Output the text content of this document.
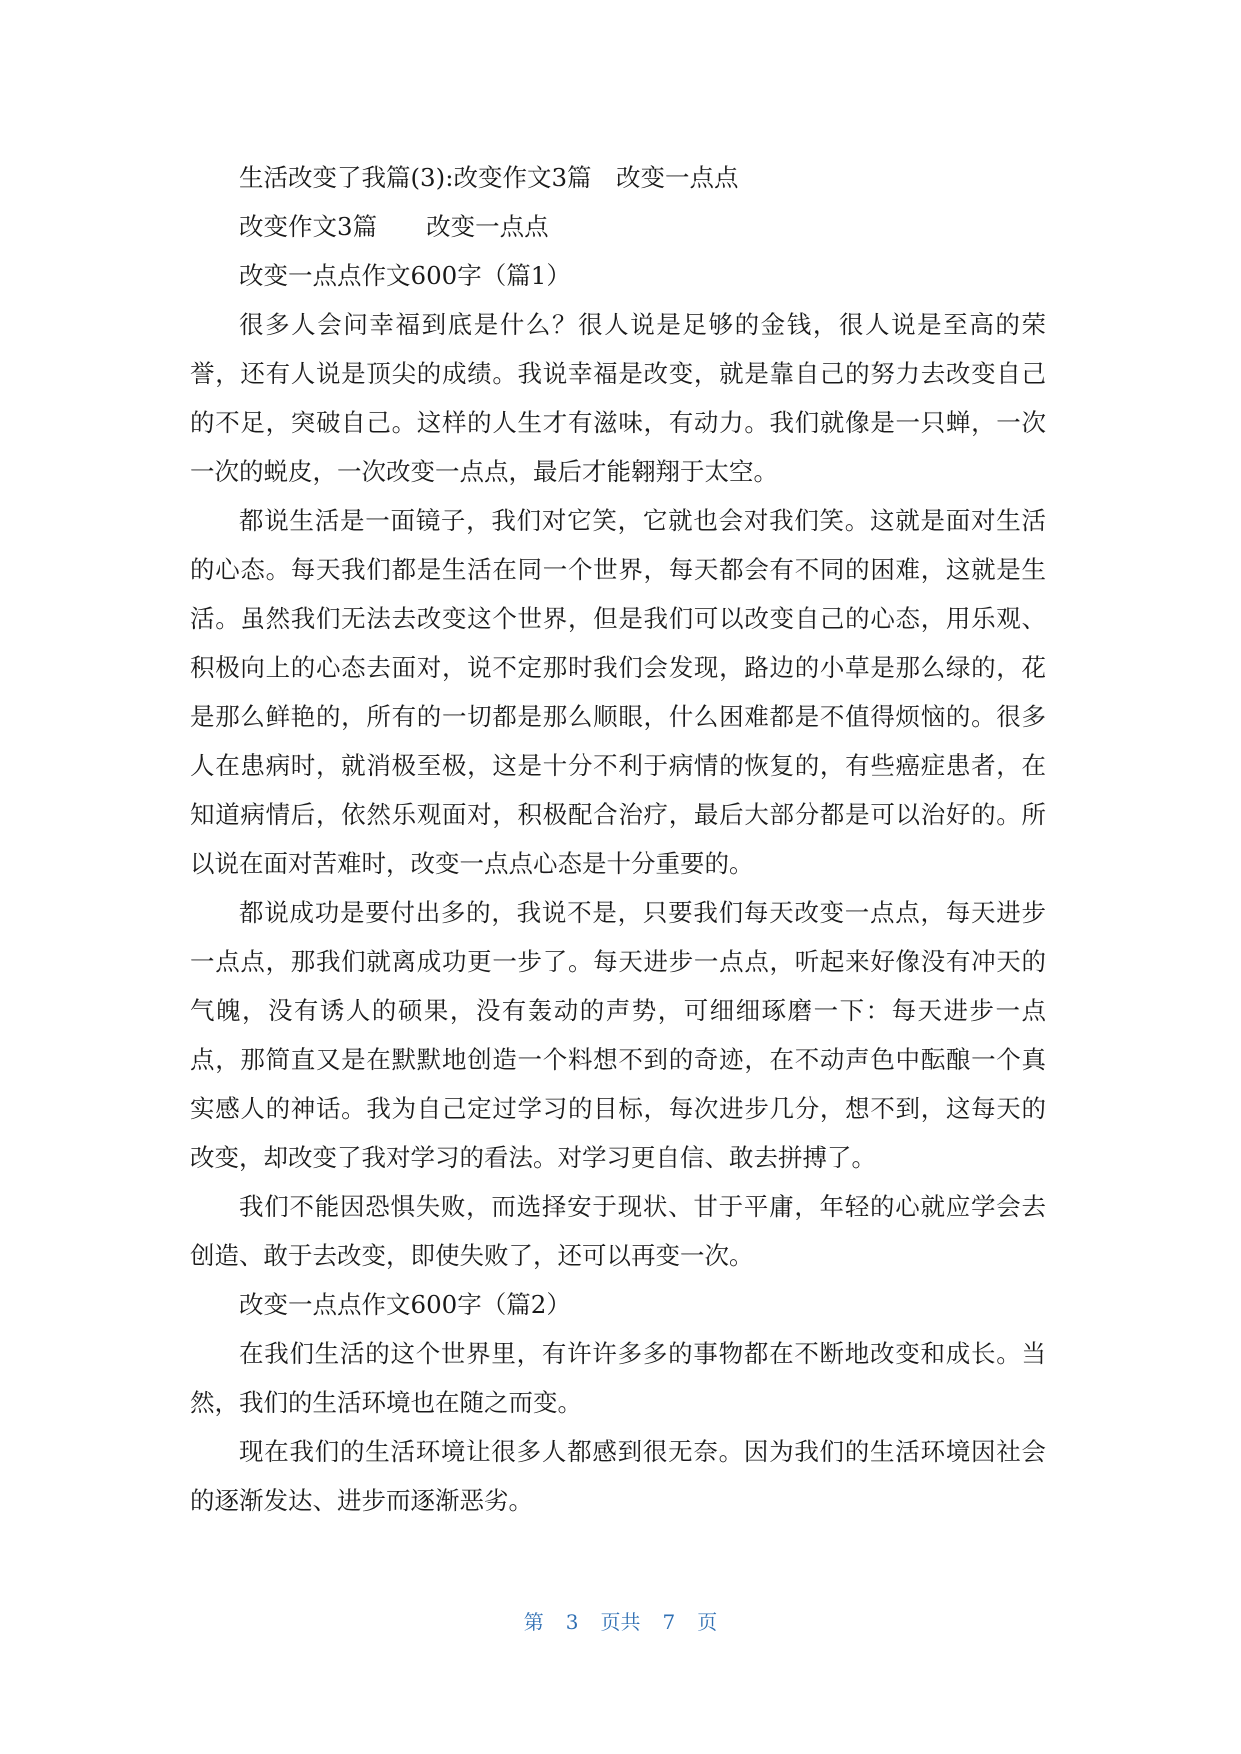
生活改变了我篇(3):改变作文3篇　改变一点点
改变作文3篇　　改变一点点
改变一点点作文600字（篇1）
很多人会问幸福到底是什么？很人说是足够的金钱，很人说是至高的荣
誉，还有人说是顶尖的成绩。我说幸福是改变，就是靠自己的努力去改变自己
的不足，突破自己。这样的人生才有滋味，有动力。我们就像是一只蝉，一次
一次的蜕皮，一次改变一点点，最后才能翱翔于太空。
都说生活是一面镜子，我们对它笑，它就也会对我们笑。这就是面对生活
的心态。每天我们都是生活在同一个世界，每天都会有不同的困难，这就是生
活。虽然我们无法去改变这个世界，但是我们可以改变自己的心态，用乐观、
积极向上的心态去面对，说不定那时我们会发现，路边的小草是那么绿的，花
是那么鲜艳的，所有的一切都是那么顺眼，什么困难都是不值得烦恼的。很多
人在患病时，就消极至极，这是十分不利于病情的恢复的，有些癌症患者，在
知道病情后，依然乐观面对，积极配合治疗，最后大部分都是可以治好的。所
以说在面对苦难时，改变一点点心态是十分重要的。
都说成功是要付出多的，我说不是，只要我们每天改变一点点，每天进步
一点点，那我们就离成功更一步了。每天进步一点点，听起来好像没有冲天的
气魄，没有诱人的硕果，没有轰动的声势，可细细琢磨一下：每天进步一点
点，那简直又是在默默地创造一个料想不到的奇迹，在不动声色中酝酿一个真
实感人的神话。我为自己定过学习的目标，每次进步几分，想不到，这每天的
改变，却改变了我对学习的看法。对学习更自信、敢去拼搏了。
我们不能因恐惧失败，而选择安于现状、甘于平庸，年轻的心就应学会去
创造、敢于去改变，即使失败了，还可以再变一次。
改变一点点作文600字（篇2）
在我们生活的这个世界里，有许许多多的事物都在不断地改变和成长。当
然，我们的生活环境也在随之而变。
现在我们的生活环境让很多人都感到很无奈。因为我们的生活环境因社会
的逐渐发达、进步而逐渐恶劣。
第 3 页共 7 页
